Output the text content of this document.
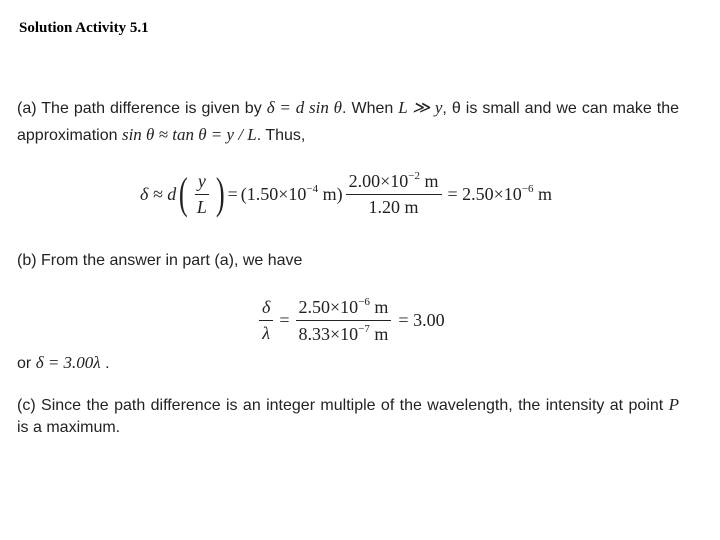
Solution Activity 5.1
(a) The path difference is given by δ = d sin θ. When L ≫ y, θ is small and we can make the approximation sin θ ≈ tan θ = y / L. Thus,
δ ≈ d ( $\frac{y}{L}$ ) = ($1.50\times 10^{-4}$ $m) \frac{2.00\times 10^{-2} m}{1.20 m} = 2.50\times 10^{-6}$ m
(b) From the answer in part (a), we have
$\frac{\delta}{\lambda} = \frac{2.50\times 10^{-6} m}{8.33\times 10^{-7} m} = 3.00$
or δ = 3.00λ .
(c) Since the path difference is an integer multiple of the wavelength, the intensity at point P is a maximum.
